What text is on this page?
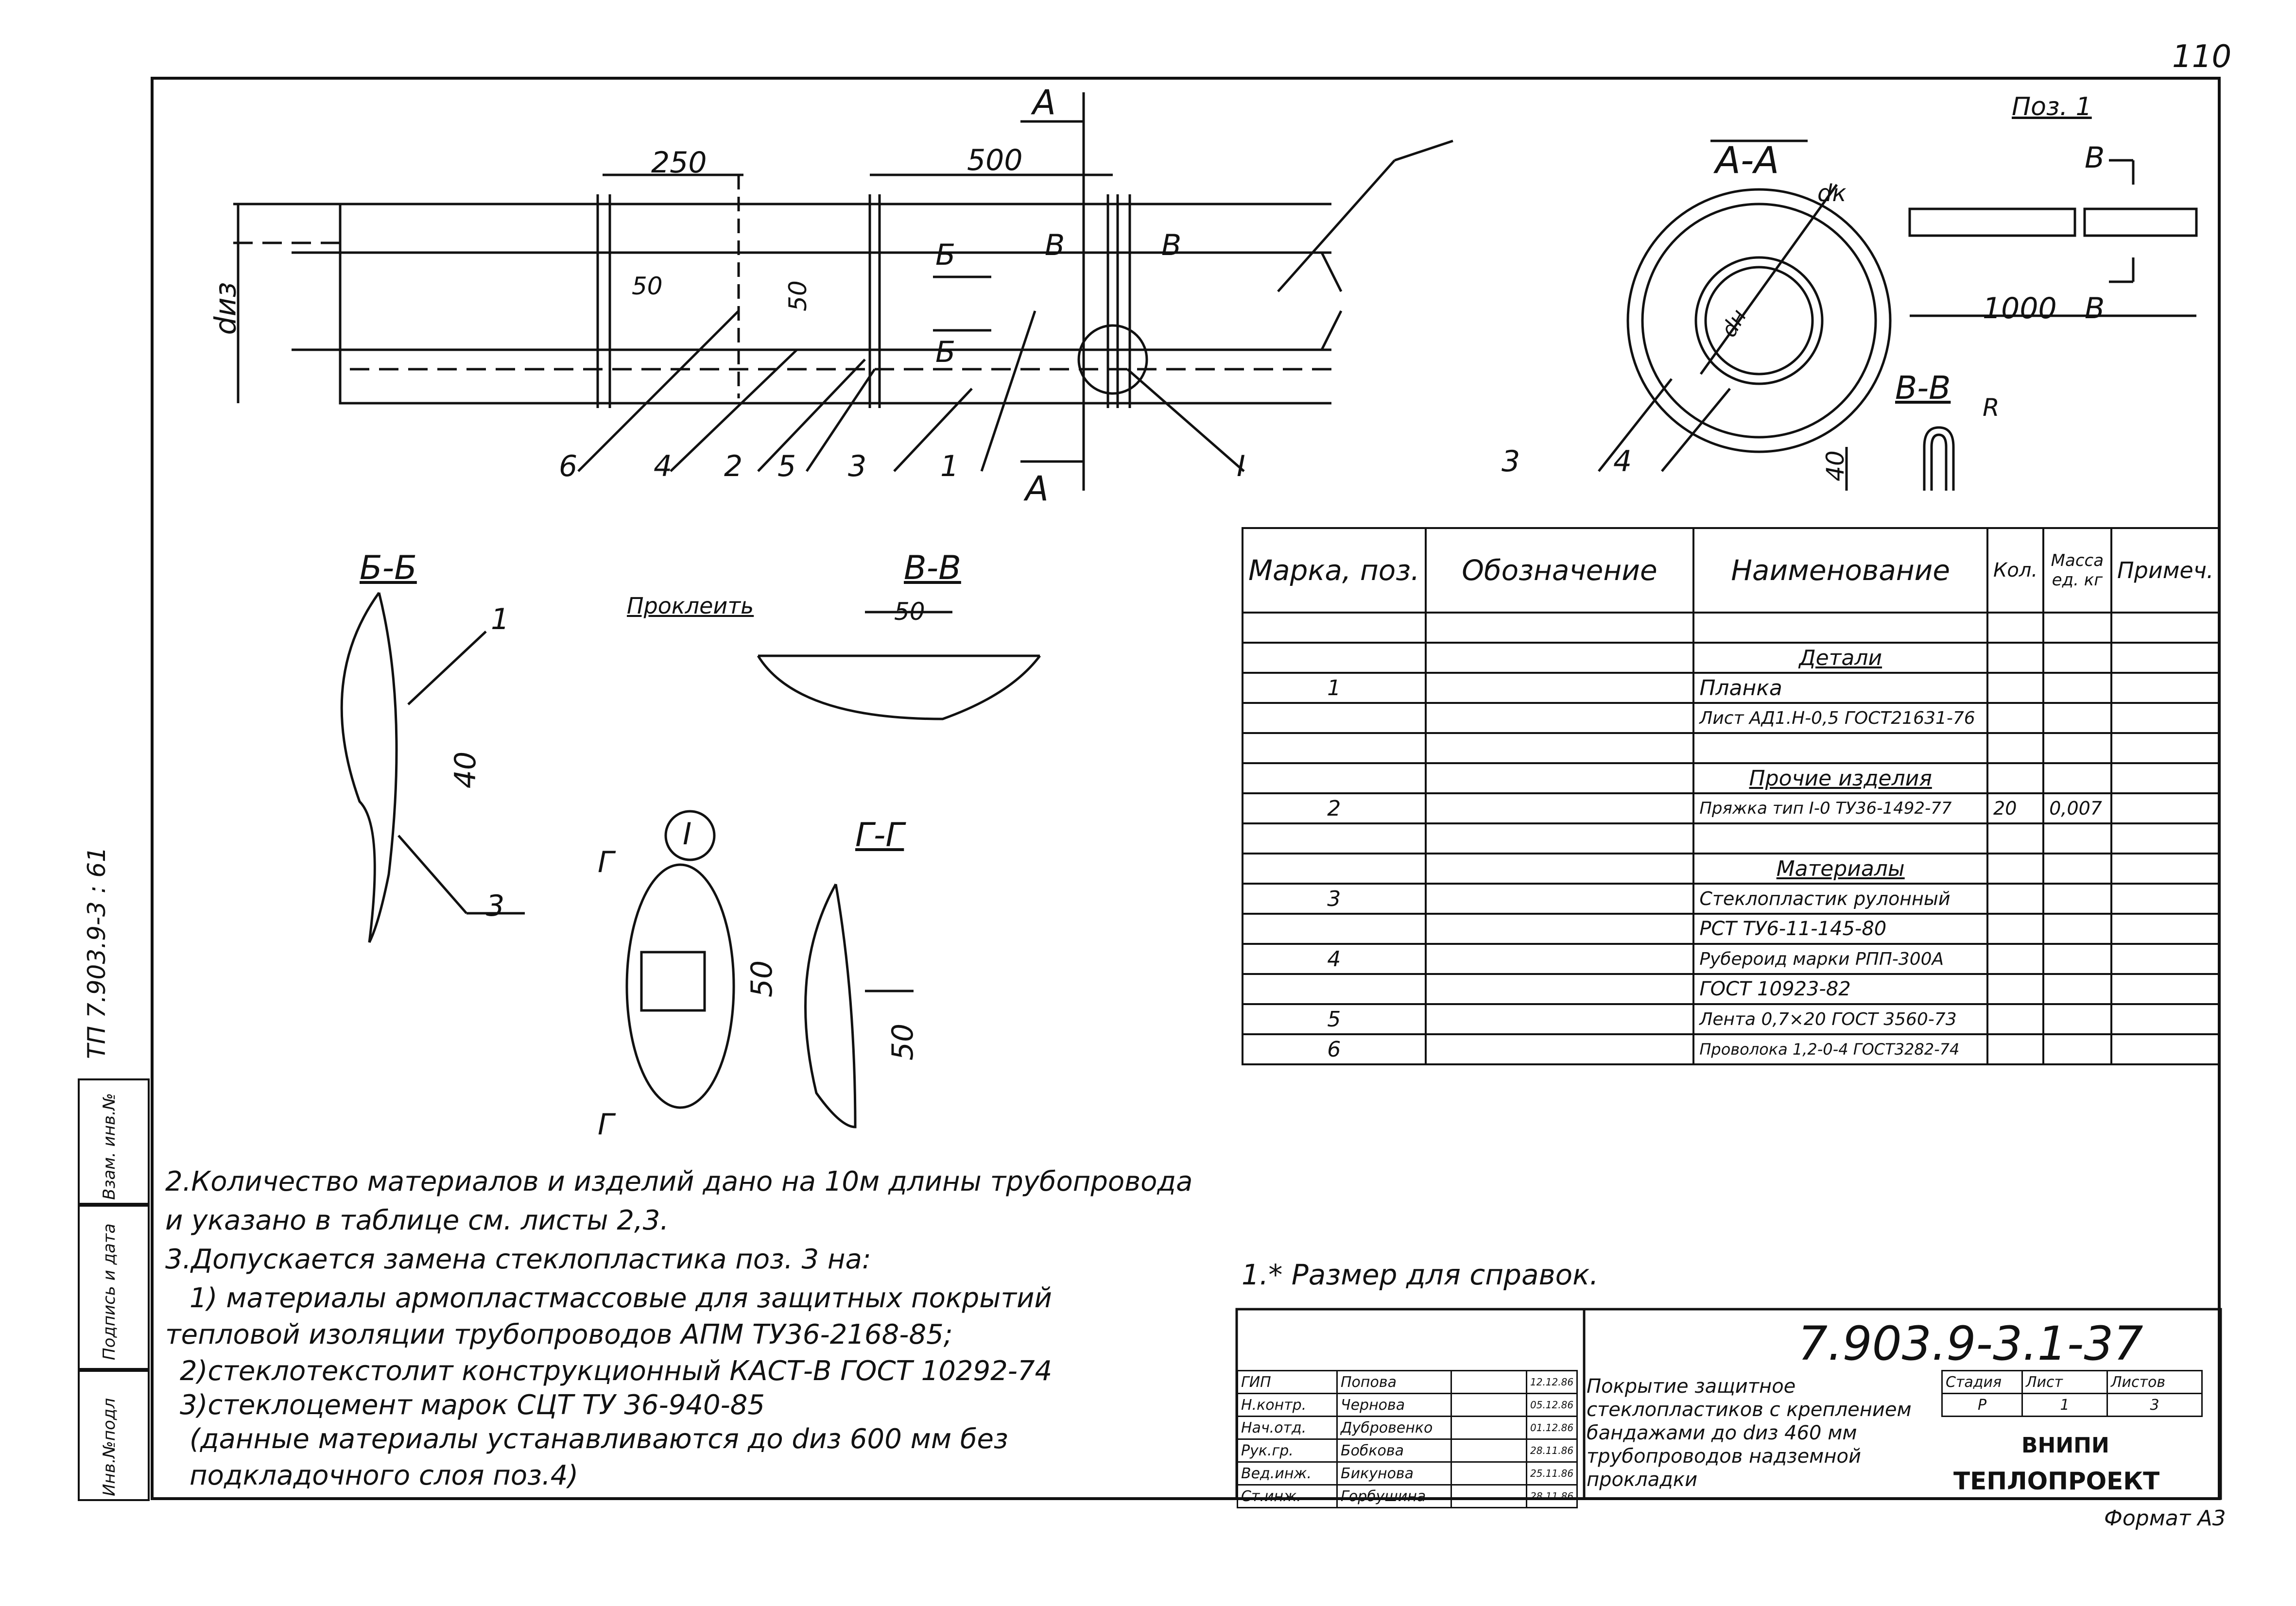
110
Инв.№подл
Подпись и дата
Взам. инв.№
ТП 7.903.9-3 : 61
250	500
50	50
dиз
А
А
Б
Б
В	В
6	4 2 5 3	1	I
А-А
dк
dн
3	4
Поз. 1
В
В
1000
В-В
40
R
Б-Б
40
1
3
В-В
Проклеить	50
I
Г
Г
Г-Г
50
50
Марка, поз.	Обозначение	Наименование	Кол.	Масса ед. кг	Примеч.

		Детали			
1		Планка			
		Лист АД1.Н-0,5 ГОСТ21631-76			

		Прочие изделия			
2		Пряжка тип I-0 ТУ36-1492-77	20	0,007	

		Материалы			
3		Стеклопластик рулонный			
		РСТ ТУ6-11-145-80			
4		Рубероид марки РПП-300А			
		ГОСТ 10923-82			
5		Лента 0,7×20 ГОСТ 3560-73			
6		Проволока 1,2-0-4 ГОСТ3282-74			
1.* Размер для справок.
2.Количество материалов и изделий дано на 10м длины трубопровода
и указано в таблице см. листы 2,3.
3.Допускается замена стеклопластика поз. 3 на:
1) материалы армопластмассовые для защитных покрытий
тепловой изоляции трубопроводов АПМ ТУ36-2168-85;
2)стеклотекстолит конструкционный КАСТ-В ГОСТ 10292-74
3)стеклоцемент марок СЦТ ТУ 36-940-85
(данные материалы устанавливаются до dиз 600 мм без
подкладочного слоя поз.4)
7.903.9-3.1-37
ГИП	Попова		12.12.86
Н.контр.	Чернова		05.12.86
Нач.отд.	Дубровенко		01.12.86
Рук.гр.	Бобкова		28.11.86
Вед.инж.	Бикунова		25.11.86
Ст.инж.	Горбушина		28.11.86
Покрытие защитное стеклопластиков с креплением бандажами до dиз 460 мм трубопроводов надземной прокладки
Стадия	Лист	Листов
Р	1	3
ВНИПИ
ТЕПЛОПРОЕКТ
Формат А3
